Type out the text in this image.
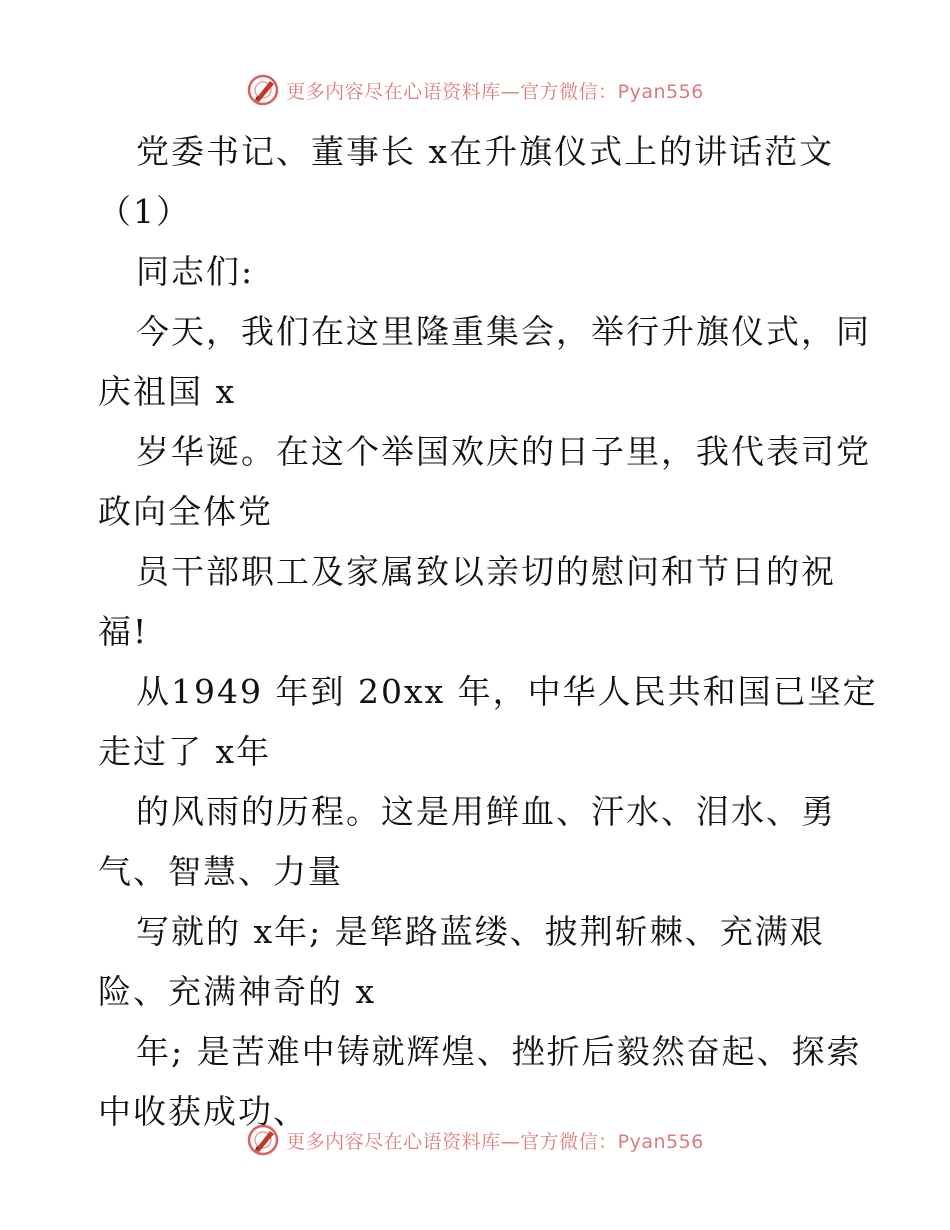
更多内容尽在心语资料库—官方微信：Pyan556
党委书记、董事长 x在升旗仪式上的讲话范文
（1）
同志们:
今天，我们在这里隆重集会，举行升旗仪式，同
庆祖国 x
岁华诞。在这个举国欢庆的日子里，我代表司党
政向全体党
员干部职工及家属致以亲切的慰问和节日的祝
福!
从1949 年到 20xx 年，中华人民共和国已坚定
走过了 x年
的风雨的历程。这是用鲜血、汗水、泪水、勇
气、智慧、力量
写就的 x年; 是筚路蓝缕、披荆斩棘、充满艰
险、充满神奇的 x
年; 是苦难中铸就辉煌、挫折后毅然奋起、探索
中收获成功、
更多内容尽在心语资料库—官方微信：Pyan556
